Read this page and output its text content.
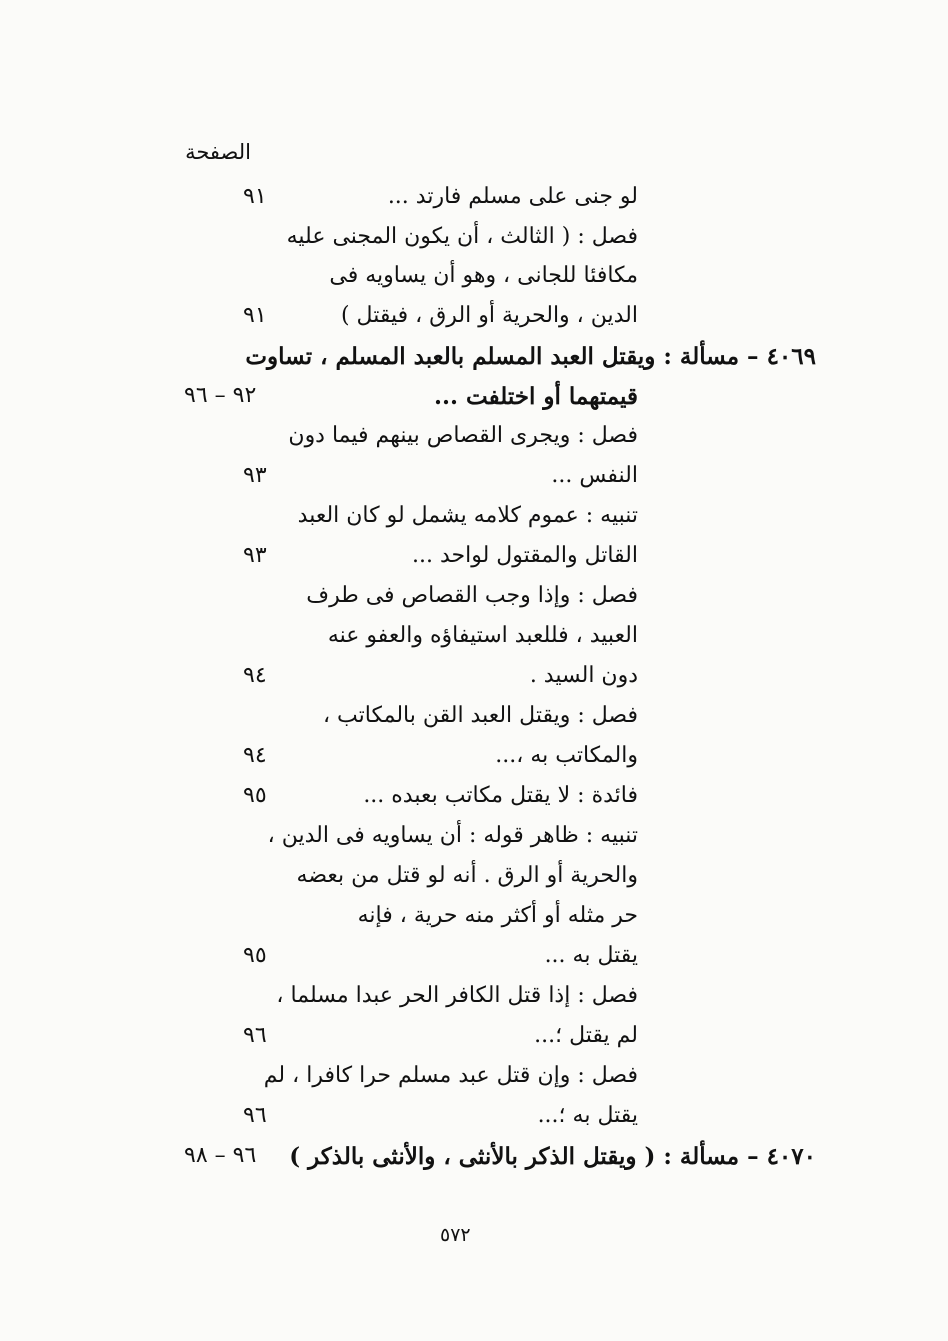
الصفحة
لو جنى على مسلم فارتد ...
٩١
فصل : ( الثالث ، أن يكون المجنى عليه
مكافئا للجانى ، وهو أن يساويه فى
الدين ، والحرية أو الرق ، فيقتل )
٩١
٤٠٦٩ – مسألة : ويقتل العبد المسلم بالعبد المسلم ، تساوت
قيمتهما أو اختلفت ...
٩٢ – ٩٦
فصل : ويجرى القصاص بينهم فيما دون
النفس ...
٩٣
تنبيه : عموم كلامه يشمل لو كان العبد
القاتل والمقتول لواحد ...
٩٣
فصل : وإذا وجب القصاص فى طرف
العبيد ، فللعبد استيفاؤه والعفو عنه
دون السيد .
٩٤
فصل : ويقتل العبد القن بالمكاتب ،
والمكاتب به ،...
٩٤
فائدة : لا يقتل مكاتب بعبده ...
٩٥
تنبيه : ظاهر قوله : أن يساويه فى الدين ،
والحرية أو الرق . أنه لو قتل من بعضه
حر مثله أو أكثر منه حرية ، فإنه
يقتل به ...
٩٥
فصل : إذا قتل الكافر الحر عبدا مسلما ،
لم يقتل ؛...
٩٦
فصل : وإن قتل عبد مسلم حرا كافرا ، لم
يقتل به ؛...
٩٦
٤٠٧٠ – مسألة : ( ويقتل الذكر بالأنثى ، والأنثى بالذكر )
٩٦ – ٩٨
٥٧٢
